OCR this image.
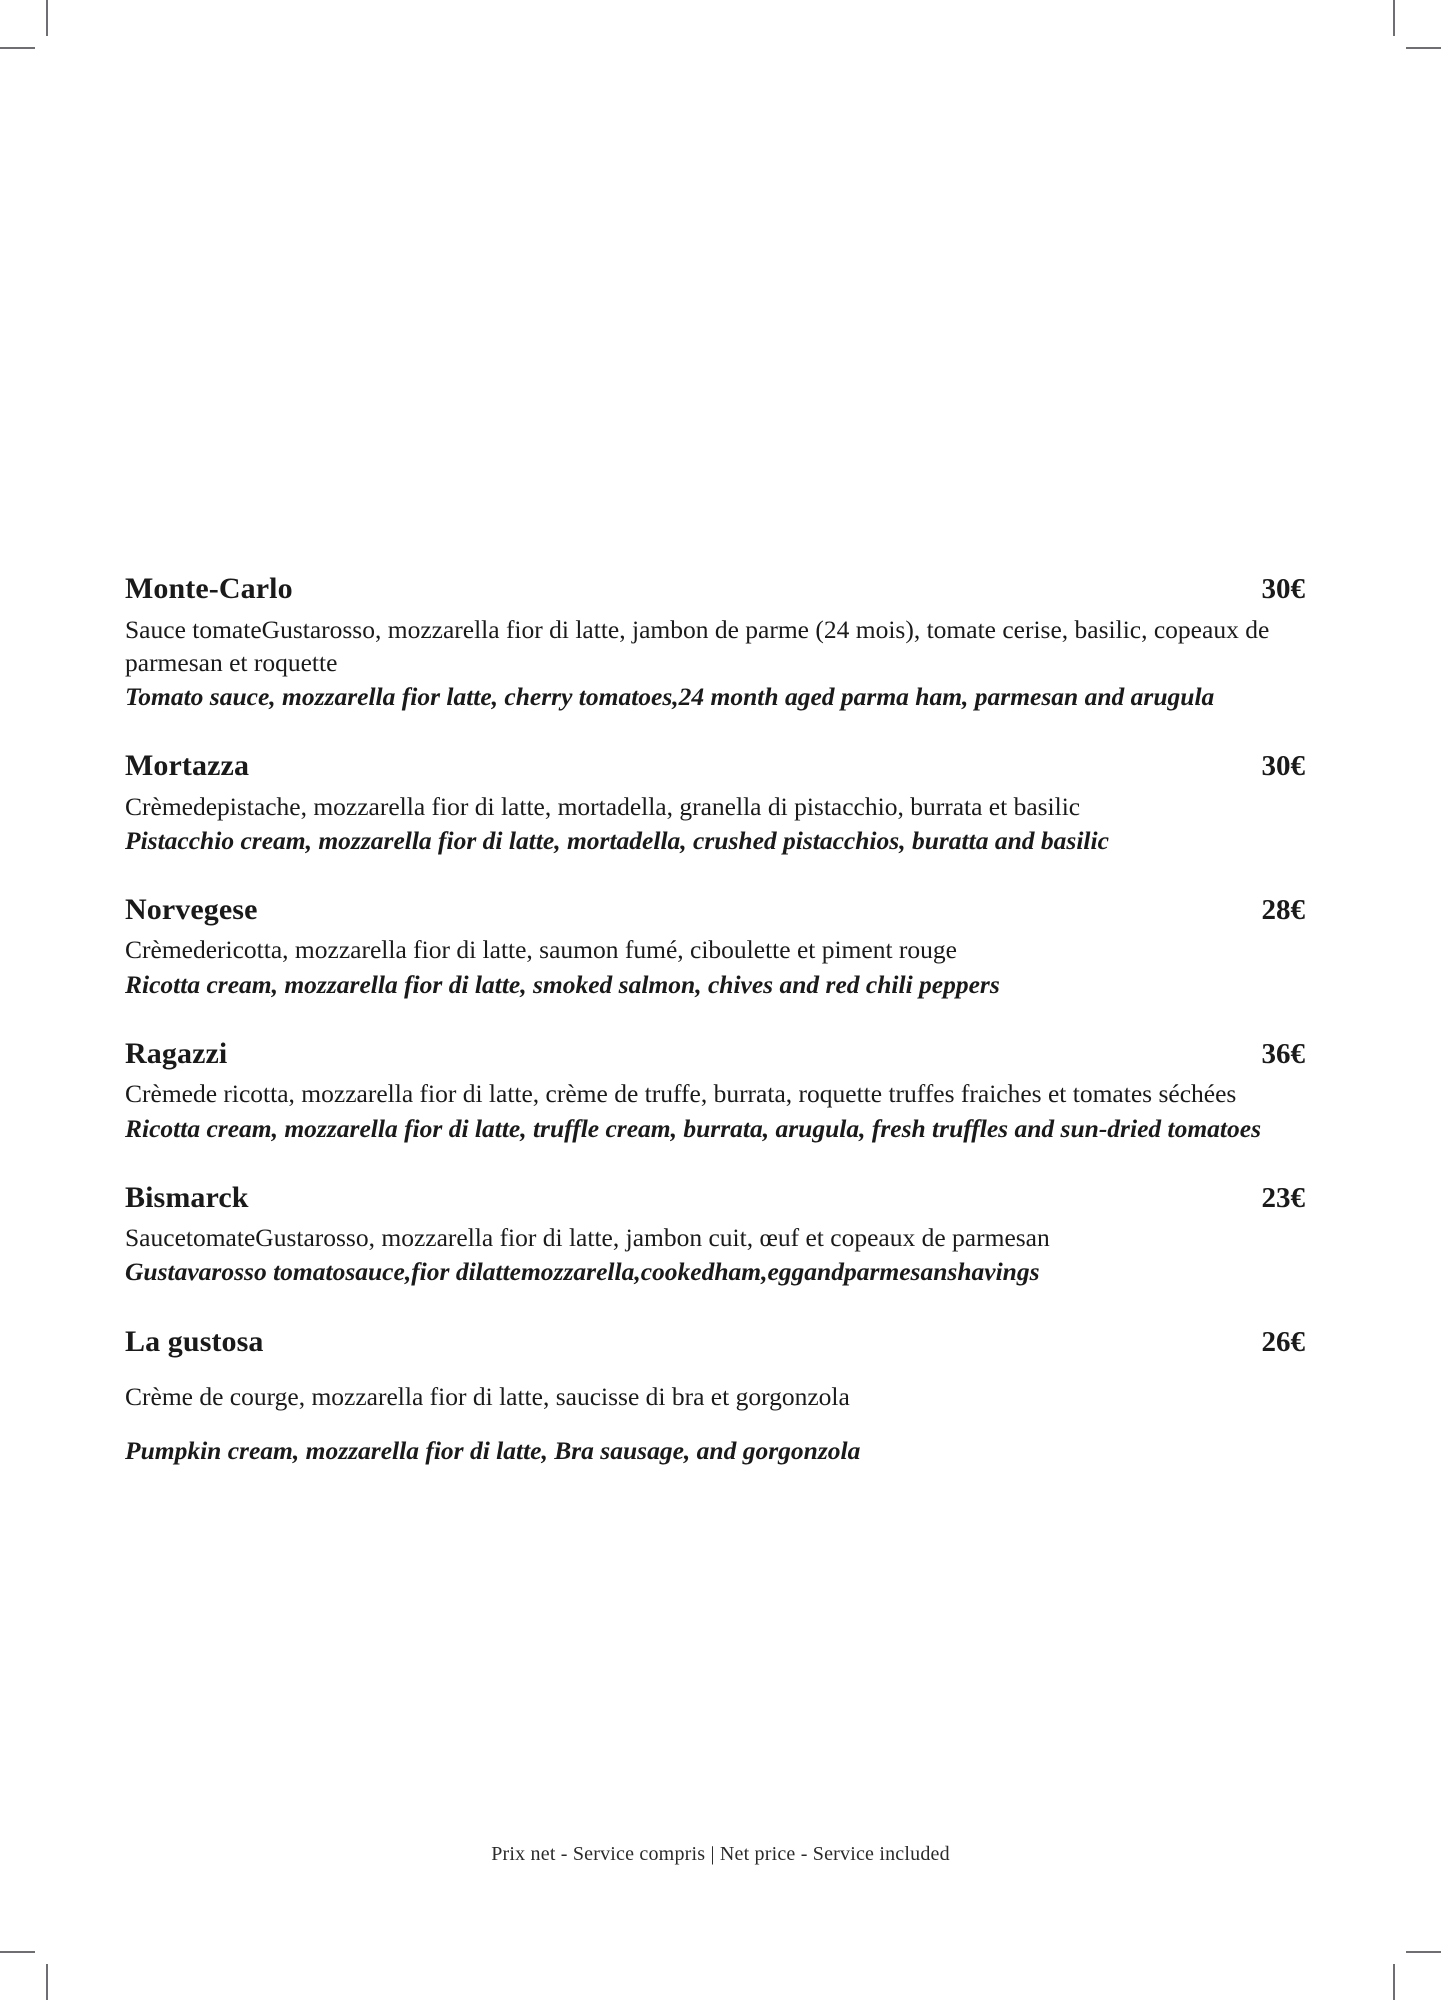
Monte-Carlo	30€
Sauce tomateGustarosso, mozzarella fior di latte, jambon de parme (24 mois), tomate cerise, basilic, copeaux de parmesan et roquette
Tomato sauce, mozzarella fior latte, cherry tomatoes,24 month aged parma ham, parmesan and arugula
Mortazza	30€
Crèmedepistache, mozzarella fior di latte, mortadella, granella di pistacchio, burrata et basilic
Pistacchio cream, mozzarella fior di latte, mortadella, crushed pistacchios, buratta and basilic
Norvegese	28€
Crèmedericotta, mozzarella fior di latte, saumon fumé, ciboulette et piment rouge
Ricotta cream, mozzarella fior di latte, smoked salmon, chives and red chili peppers
Ragazzi	36€
Crèmede ricotta, mozzarella fior di latte, crème de truffe, burrata, roquette truffes fraiches et tomates séchées
Ricotta cream, mozzarella fior di latte, truffle cream, burrata, arugula, fresh truffles and sun-dried tomatoes
Bismarck	23€
SaucetomateGustarosso, mozzarella fior di latte, jambon cuit, œuf et copeaux de parmesan
Gustavarosso tomatosauce,fior dilattemozzarella,cookedham,eggandparmesanshavings
La gustosa	26€
Crème de courge, mozzarella fior di latte, saucisse di bra et gorgonzola
Pumpkin cream, mozzarella fior di latte, Bra sausage, and gorgonzola
Prix net - Service compris | Net price - Service included
